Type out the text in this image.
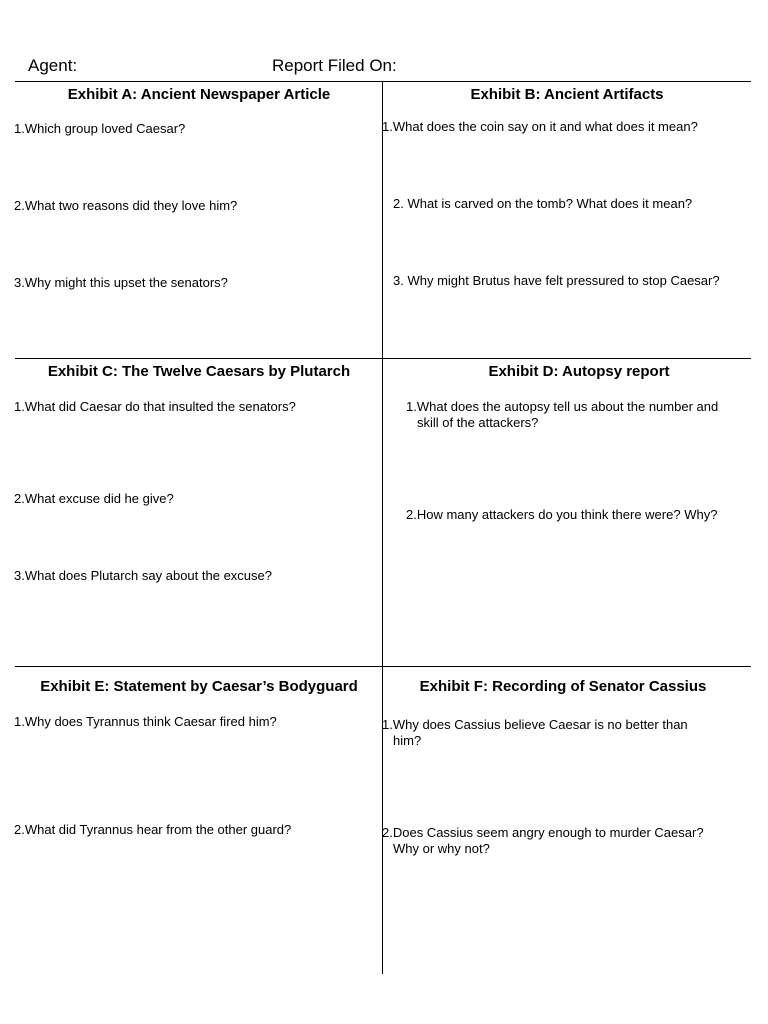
Agent:	Report Filed On:
Exhibit A: Ancient Newspaper Article
1.Which group loved Caesar?
2.What two reasons did they love him?
3.Why might this upset the senators?
Exhibit B: Ancient Artifacts
1.What does the coin say on it and what does it mean?
2. What is carved on the tomb? What does it mean?
3. Why might Brutus have felt pressured to stop Caesar?
Exhibit C: The Twelve Caesars by Plutarch
1.What did Caesar do that insulted the senators?
2.What excuse did he give?
3.What does Plutarch say about the excuse?
Exhibit D: Autopsy report
1.What does the autopsy tell us about the number and
skill of the attackers?
2.How many attackers do you think there were? Why?
Exhibit E: Statement by Caesar’s Bodyguard
1.Why does Tyrannus think Caesar fired him?
2.What did Tyrannus hear from the other guard?
Exhibit F: Recording of Senator Cassius
1.Why does Cassius believe Caesar is no better than
him?
2.Does Cassius seem angry enough to murder Caesar?
Why or why not?
